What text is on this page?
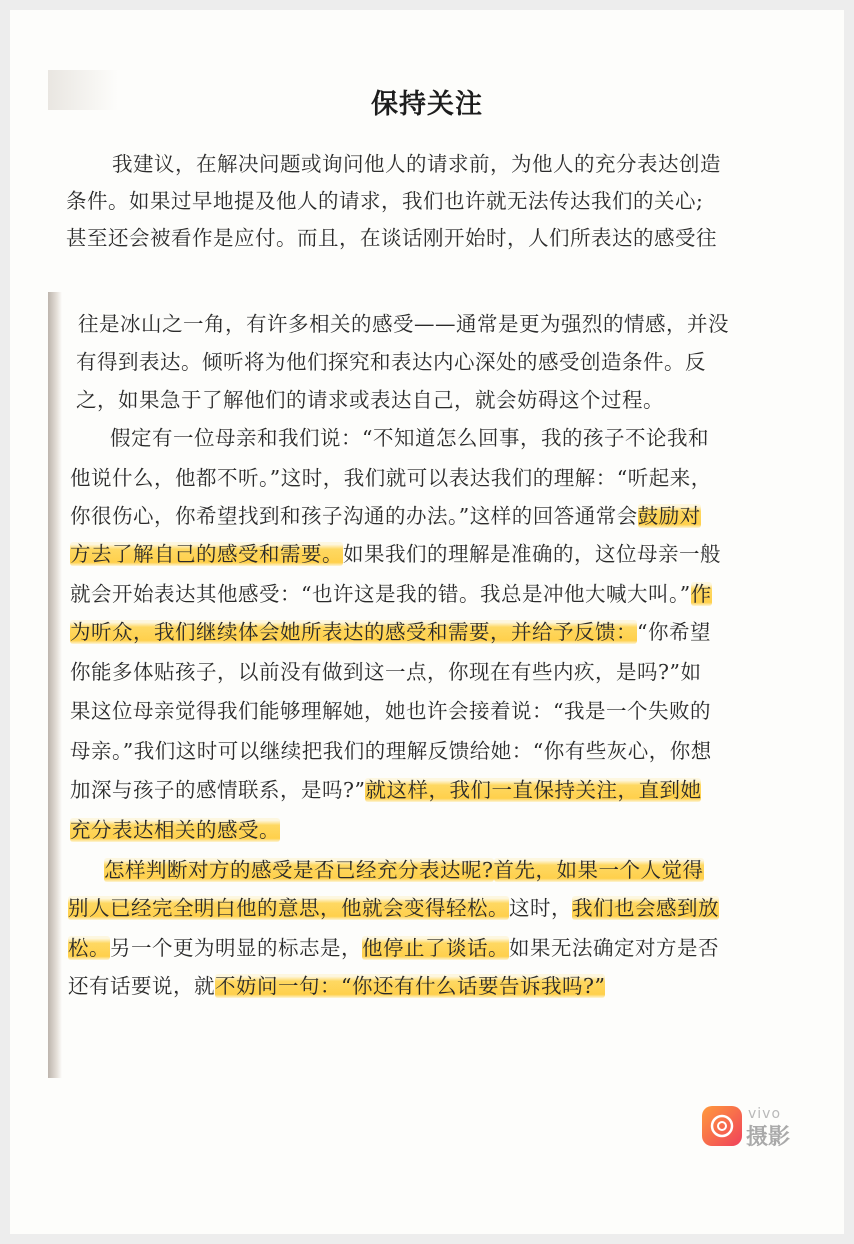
保持关注
我建议，在解决问题或询问他人的请求前，为他人的充分表达创造
条件。如果过早地提及他人的请求，我们也许就无法传达我们的关心;
甚至还会被看作是应付。而且，在谈话刚开始时，人们所表达的感受往
往是冰山之一角，有许多相关的感受——通常是更为强烈的情感，并没
有得到表达。倾听将为他们探究和表达内心深处的感受创造条件。反
之，如果急于了解他们的请求或表达自己，就会妨碍这个过程。
假定有一位母亲和我们说：“不知道怎么回事，我的孩子不论我和
他说什么，他都不听。”这时，我们就可以表达我们的理解：“听起来，
你很伤心，你希望找到和孩子沟通的办法。”这样的回答通常会鼓励对
方去了解自己的感受和需要。如果我们的理解是准确的，这位母亲一般
就会开始表达其他感受：“也许这是我的错。我总是冲他大喊大叫。”作
为听众，我们继续体会她所表达的感受和需要，并给予反馈：“你希望
你能多体贴孩子，以前没有做到这一点，你现在有些内疚，是吗?”如
果这位母亲觉得我们能够理解她，她也许会接着说：“我是一个失败的
母亲。”我们这时可以继续把我们的理解反馈给她：“你有些灰心，你想
加深与孩子的感情联系，是吗?”就这样，我们一直保持关注，直到她
充分表达相关的感受。
怎样判断对方的感受是否已经充分表达呢?首先，如果一个人觉得
别人已经完全明白他的意思，他就会变得轻松。这时，我们也会感到放
松。另一个更为明显的标志是，他停止了谈话。如果无法确定对方是否
还有话要说，就不妨问一句：“你还有什么话要告诉我吗?”
vivo
摄影
